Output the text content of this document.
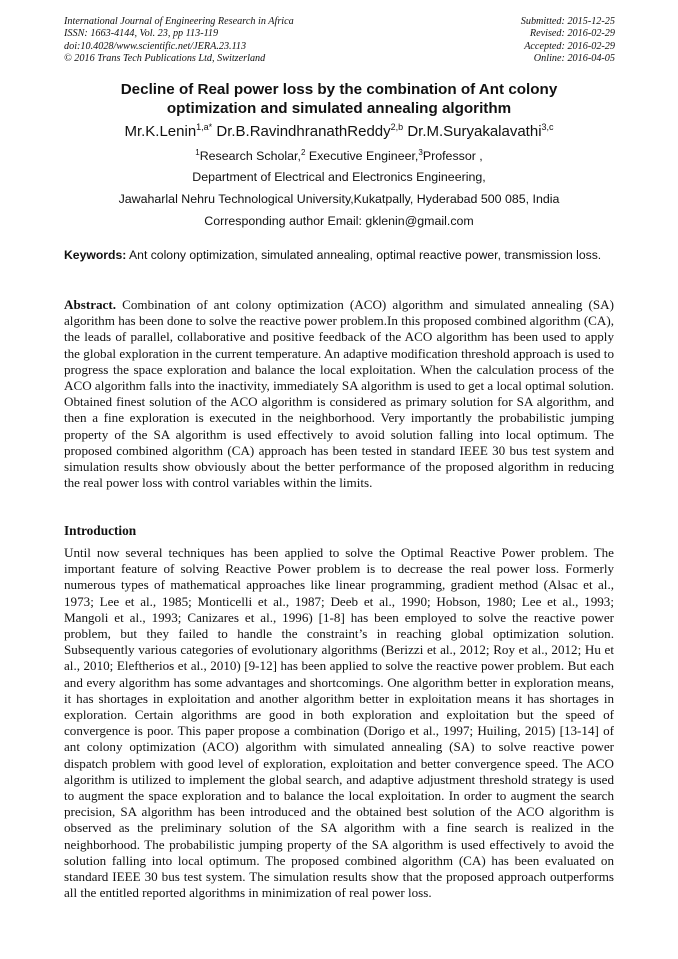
International Journal of Engineering Research in Africa
ISSN: 1663-4144, Vol. 23, pp 113-119
doi:10.4028/www.scientific.net/JERA.23.113
© 2016 Trans Tech Publications Ltd, Switzerland
Submitted: 2015-12-25
Revised: 2016-02-29
Accepted: 2016-02-29
Online: 2016-04-05
Decline of Real power loss by the combination of Ant colony
optimization and simulated annealing algorithm
Mr.K.Lenin$^{1,a*}$ Dr.B.RavindhranathReddy$^{2,b}$ Dr.M.Suryakalavathi$^{3,c}$
$^1$Research Scholar,$^2$ Executive Engineer,$^3$Professor ,
Department of Electrical and Electronics Engineering,
Jawaharlal Nehru Technological University,Kukatpally, Hyderabad 500 085, India
Corresponding author Email: gklenin@gmail.com

Keywords: Ant colony optimization, simulated annealing, optimal reactive power, transmission loss.

Abstract. Combination of ant colony optimization (ACO) algorithm and simulated annealing (SA) algorithm has been done to solve the reactive power problem.In this proposed combined algorithm (CA), the leads of parallel, collaborative and positive feedback of the ACO algorithm has been used to apply the global exploration in the current temperature. An adaptive modification threshold approach is used to progress the space exploration and balance the local exploitation. When the calculation process of the ACO algorithm falls into the inactivity, immediately SA algorithm is used to get a local optimal solution. Obtained finest solution of the ACO algorithm is considered as primary solution for SA algorithm, and then a fine exploration is executed in the neighborhood. Very importantly the probabilistic jumping property of the SA algorithm is used effectively to avoid solution falling into local optimum. The proposed combined algorithm (CA) approach has been tested in standard IEEE 30 bus test system and simulation results show obviously about the better performance of the proposed algorithm in reducing the real power loss with control variables within the limits.

Introduction

Until now several techniques has been applied to solve the Optimal Reactive Power problem. The important feature of solving Reactive Power problem is to decrease the real power loss. Formerly numerous types of mathematical approaches like linear programming, gradient method (Alsac et al., 1973; Lee et al., 1985; Monticelli et al., 1987; Deeb et al., 1990; Hobson, 1980; Lee et al., 1993; Mangoli et al., 1993; Canizares et al., 1996) [1-8] has been employed to solve the reactive power problem, but they failed to handle the constraint’s in reaching global optimization solution. Subsequently various categories of evolutionary algorithms (Berizzi et al., 2012; Roy et al., 2012; Hu et al., 2010; Eleftherios et al., 2010) [9-12] has been applied to solve the reactive power problem. But each and every algorithm has some advantages and shortcomings. One algorithm better in exploration means, it has shortages in exploitation and another algorithm better in exploitation means it has shortages in exploration. Certain algorithms are good in both exploration and exploitation but the speed of convergence is poor. This paper propose a combination (Dorigo et al., 1997; Huiling, 2015) [13-14] of ant colony optimization (ACO) algorithm with simulated annealing (SA) to solve reactive power dispatch problem with good level of exploration, exploitation and better convergence speed. The ACO algorithm is utilized to implement the global search, and adaptive adjustment threshold strategy is used to augment the space exploration and to balance the local exploitation. In order to augment the search precision, SA algorithm has been introduced and the obtained best solution of the ACO algorithm is observed as the preliminary solution of the SA algorithm with a fine search is realized in the neighborhood. The probabilistic jumping property of the SA algorithm is used effectively to avoid the solution falling into local optimum. The proposed combined algorithm (CA) has been evaluated on standard IEEE 30 bus test system. The simulation results show that the proposed approach outperforms all the entitled reported algorithms in minimization of real power loss.
